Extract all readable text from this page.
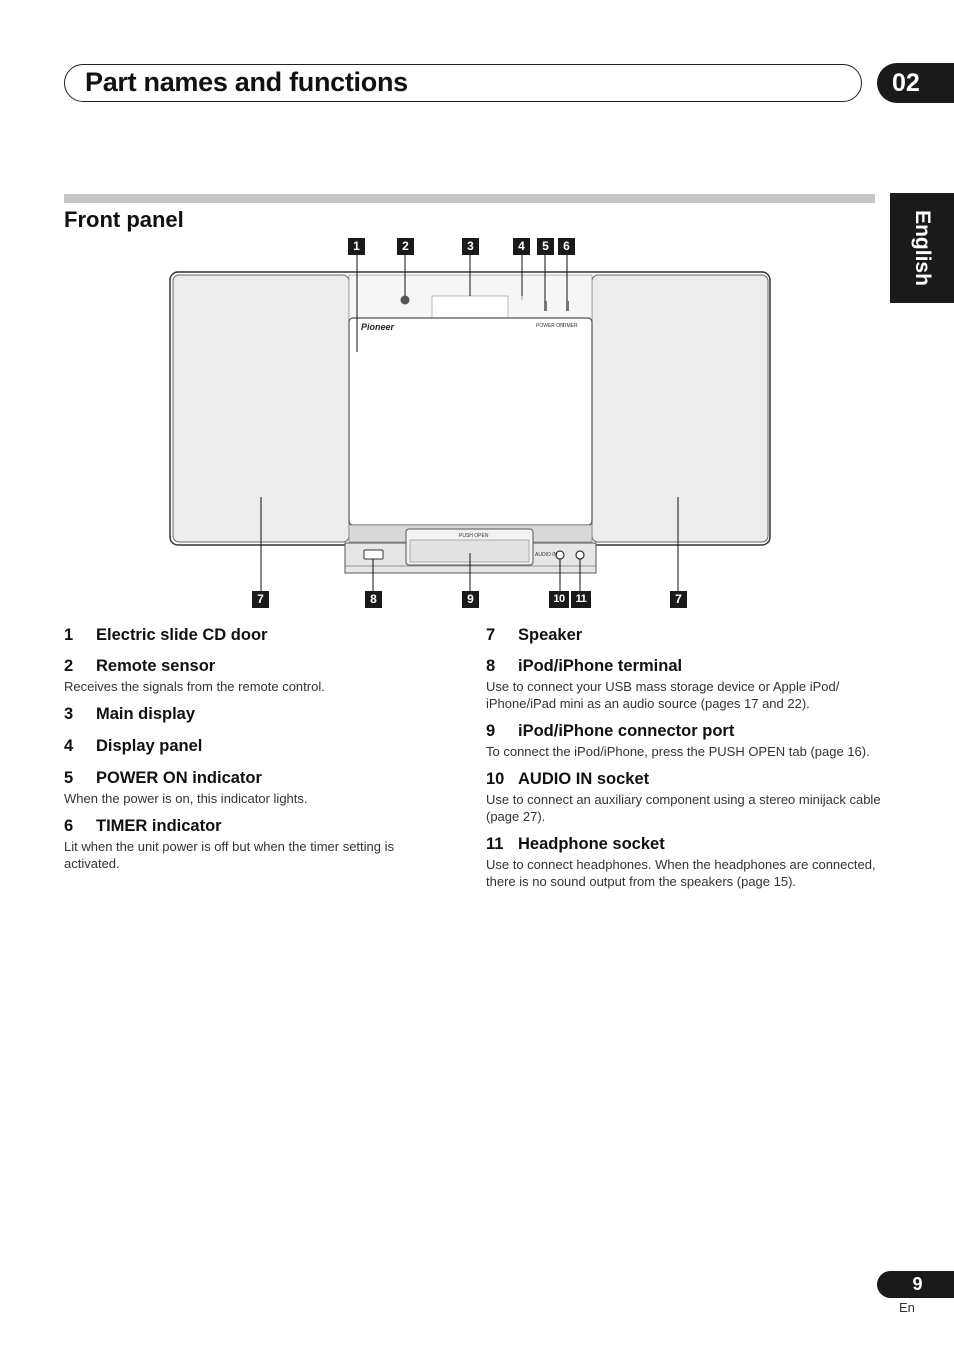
Part names and functions	02
Front panel	English
Pioneer	POWER ON
TIMER
PUSH OPEN
AUDIO IN
1	2	3	4	5	6
7	8	9	10	11	7
1	Electric slide CD door
2	Remote sensor
Receives the signals from the remote control.
3	Main display
4	Display panel
5	POWER ON indicator
When the power is on, this indicator lights.
6	TIMER indicator
Lit when the unit power is off but when the timer setting is activated.
7	Speaker
8	iPod/iPhone terminal
Use to connect your USB mass storage device or Apple iPod/ iPhone/iPad mini as an audio source (pages 17 and 22).
9	iPod/iPhone connector port
To connect the iPod/iPhone, press the PUSH OPEN tab (page 16).
10 AUDIO IN socket
Use to connect an auxiliary component using a stereo minijack cable (page 27).
11 Headphone socket
Use to connect headphones. When the headphones are connected, there is no sound output from the speakers (page 15).
9
En
